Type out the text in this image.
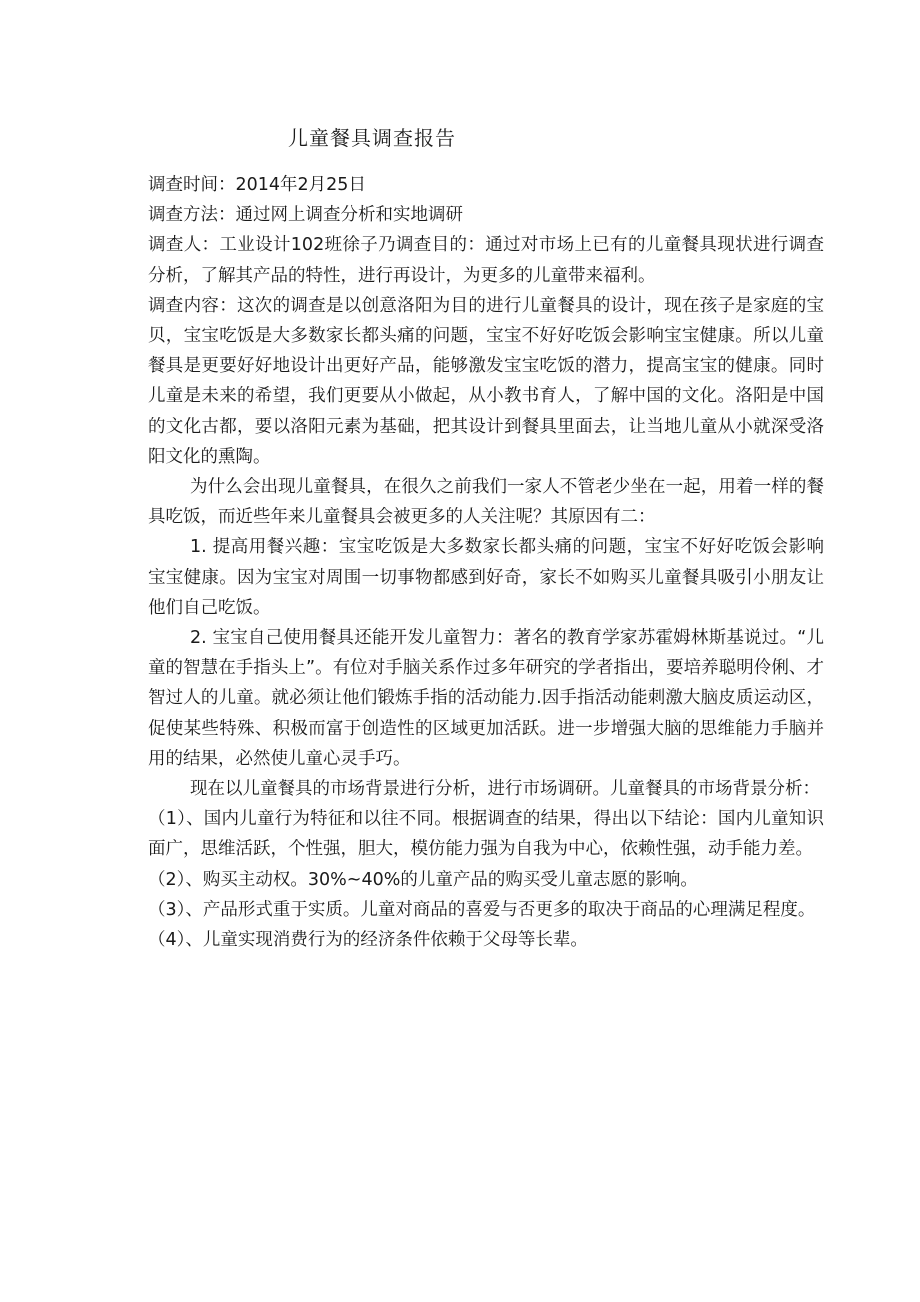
儿童餐具调查报告

调查时间：2014年2月25日

调查方法：通过网上调查分析和实地调研

调查人：工业设计102班徐子乃调查目的：通过对市场上已有的儿童餐具现状进行调查分析，了解其产品的特性，进行再设计，为更多的儿童带来福利。

调查内容：这次的调查是以创意洛阳为目的进行儿童餐具的设计，现在孩子是家庭的宝贝，宝宝吃饭是大多数家长都头痛的问题，宝宝不好好吃饭会影响宝宝健康。所以儿童餐具是更要好好地设计出更好产品，能够激发宝宝吃饭的潜力，提高宝宝的健康。同时儿童是未来的希望，我们更要从小做起，从小教书育人，了解中国的文化。洛阳是中国的文化古都，要以洛阳元素为基础，把其设计到餐具里面去，让当地儿童从小就深受洛阳文化的熏陶。

为什么会出现儿童餐具，在很久之前我们一家人不管老少坐在一起，用着一样的餐具吃饭，而近些年来儿童餐具会被更多的人关注呢？其原因有二：

1. 提高用餐兴趣：宝宝吃饭是大多数家长都头痛的问题，宝宝不好好吃饭会影响宝宝健康。因为宝宝对周围一切事物都感到好奇，家长不如购买儿童餐具吸引小朋友让他们自己吃饭。

2. 宝宝自己使用餐具还能开发儿童智力：著名的教育学家苏霍姆林斯基说过。“儿童的智慧在手指头上”。有位对手脑关系作过多年研究的学者指出，要培养聪明伶俐、才智过人的儿童。就必须让他们锻炼手指的活动能力.因手指活动能刺激大脑皮质运动区，促使某些特殊、积极而富于创造性的区域更加活跃。进一步增强大脑的思维能力手脑并用的结果，必然使儿童心灵手巧。

现在以儿童餐具的市场背景进行分析，进行市场调研。儿童餐具的市场背景分析：

（1）、国内儿童行为特征和以往不同。根据调查的结果，得出以下结论：国内儿童知识面广，思维活跃，个性强，胆大，模仿能力强为自我为中心，依赖性强，动手能力差。

（2）、购买主动权。30%~40%的儿童产品的购买受儿童志愿的影响。

（3）、产品形式重于实质。儿童对商品的喜爱与否更多的取决于商品的心理满足程度。

（4）、儿童实现消费行为的经济条件依赖于父母等长辈。
